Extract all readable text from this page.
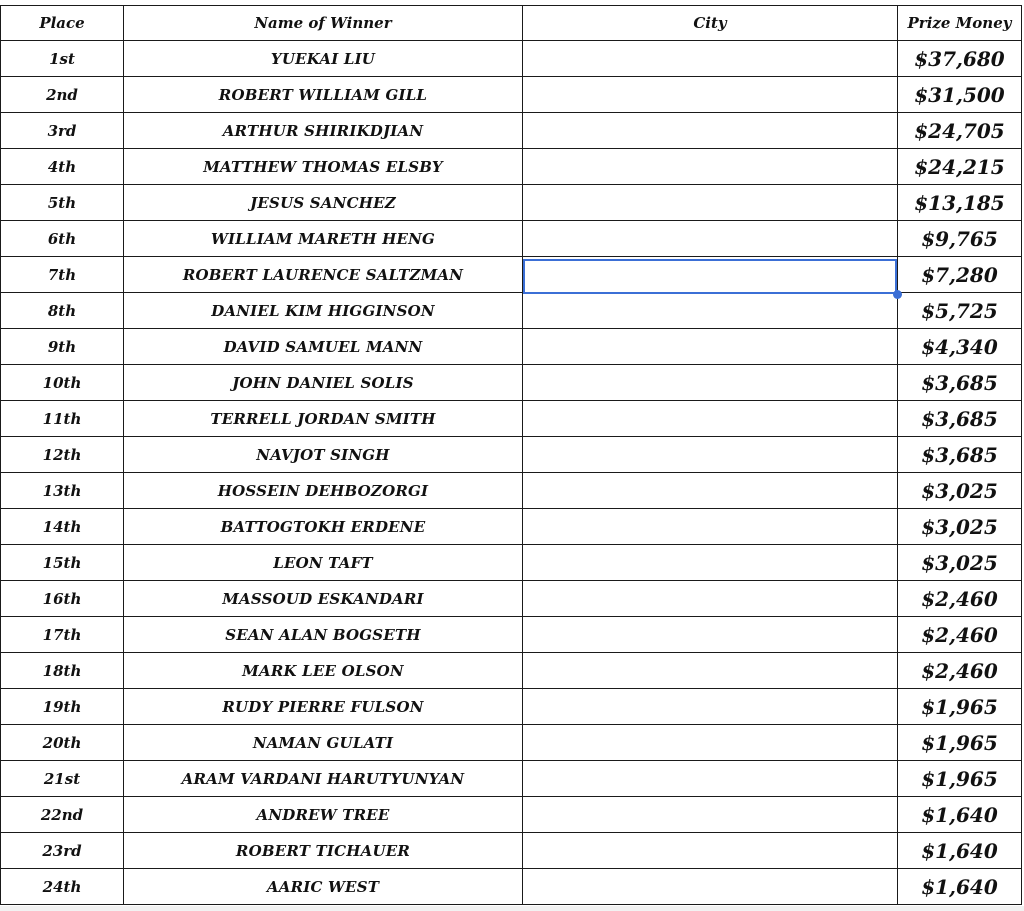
Place	Name of Winner	City	Prize Money
1st	YUEKAI LIU		$37,680
2nd	ROBERT WILLIAM GILL		$31,500
3rd	ARTHUR SHIRIKDJIAN		$24,705
4th	MATTHEW THOMAS ELSBY		$24,215
5th	JESUS SANCHEZ		$13,185
6th	WILLIAM MARETH HENG		$9,765
7th	ROBERT LAURENCE SALTZMAN		$7,280
8th	DANIEL KIM HIGGINSON		$5,725
9th	DAVID SAMUEL MANN		$4,340
10th	JOHN DANIEL SOLIS		$3,685
11th	TERRELL JORDAN SMITH		$3,685
12th	NAVJOT SINGH		$3,685
13th	HOSSEIN DEHBOZORGI		$3,025
14th	BATTOGTOKH ERDENE		$3,025
15th	LEON TAFT		$3,025
16th	MASSOUD ESKANDARI		$2,460
17th	SEAN ALAN BOGSETH		$2,460
18th	MARK LEE OLSON		$2,460
19th	RUDY PIERRE FULSON		$1,965
20th	NAMAN GULATI		$1,965
21st	ARAM VARDANI HARUTYUNYAN		$1,965
22nd	ANDREW TREE		$1,640
23rd	ROBERT TICHAUER		$1,640
24th	AARIC WEST		$1,640
